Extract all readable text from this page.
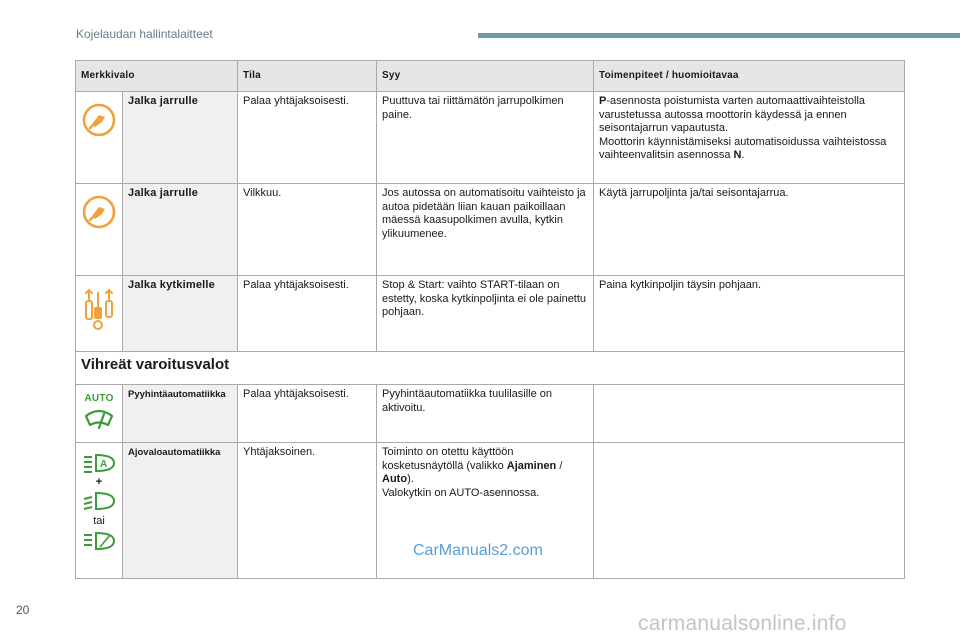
Kojelaudan hallintalaitteet
Merkkivalo		Tila	Syy	Toimenpiteet / huomioitavaa

	Jalka jarrulle	Palaa yhtäjaksoisesti.	Puuttuva tai riittämätön jarrupolkimen paine.	P-asennosta poistumista varten automaattivaihteistolla varustetussa autossa moottorin käydessä ja ennen seisontajarrun vapautusta.
Moottorin käynnistämiseksi automatisoidussa vaihteistossa vaihteenvalitsin asennossa N.

	Jalka jarrulle	Vilkkuu.	Jos autossa on automatisoitu vaihteisto ja autoa pidetään liian kauan paikoillaan mäessä kaasupolkimen avulla, kytkin ylikuumenee.	Käytä jarrupoljinta ja/tai seisontajarrua.

	Jalka kytkimelle	Palaa yhtäjaksoisesti.	Stop & Start: vaihto START-tilaan on estetty, koska kytkinpoljinta ei ole painettu pohjaan.	Paina kytkinpoljin täysin pohjaan.
Vihreät varoitusvalot				

AUTO	Pyyhintäautomatiikka	Palaa yhtäjaksoisesti.	Pyyhintäautomatiikka tuulilasille on aktivoitu.	

A
+
tai	Ajovaloautomatiikka	Yhtäjaksoinen.	Toiminto on otettu käyttöön kosketusnäytöllä (valikko Ajaminen / Auto).
Valokytkin on AUTO-asennossa.	
CarManuals2.com
20
carmanualsonline.info
